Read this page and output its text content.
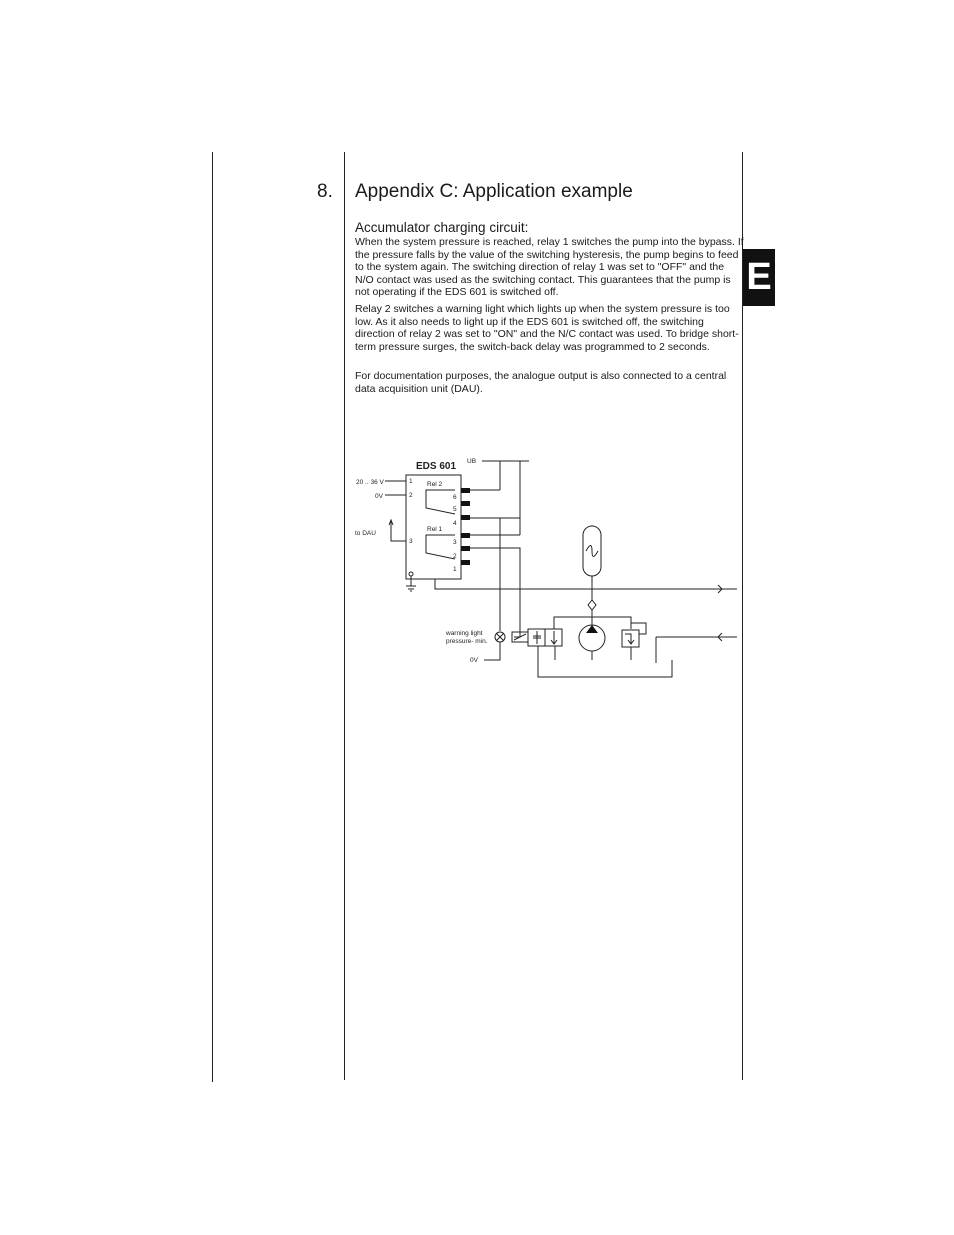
8. Appendix C: Application example
Accumulator charging circuit:
When the system pressure is reached, relay 1 switches the pump into the bypass. If the pressure falls by the value of the switching hysteresis, the pump begins to feed to the system again. The switching direction of relay 1 was set to "OFF" and the N/O contact was used as the switching contact. This guarantees that the pump is not operating if the EDS 601 is switched off.
Relay 2 switches a warning light which lights up when the system pressure is too low. As it also needs to light up if the EDS 601 is switched off, the switching direction of relay 2 was set to "ON" and the N/C contact was used. To bridge short-term pressure surges, the switch-back delay was programmed to 2 seconds.
For documentation purposes, the analogue output is also connected to a central data acquisition unit (DAU).
E
EDS 601 UB
20 .. 36 V
0V
to DAU
Rel 2
Rel 1
1
2
3
6
5
4
3
2
1
warning light
pressure- min.
0V
